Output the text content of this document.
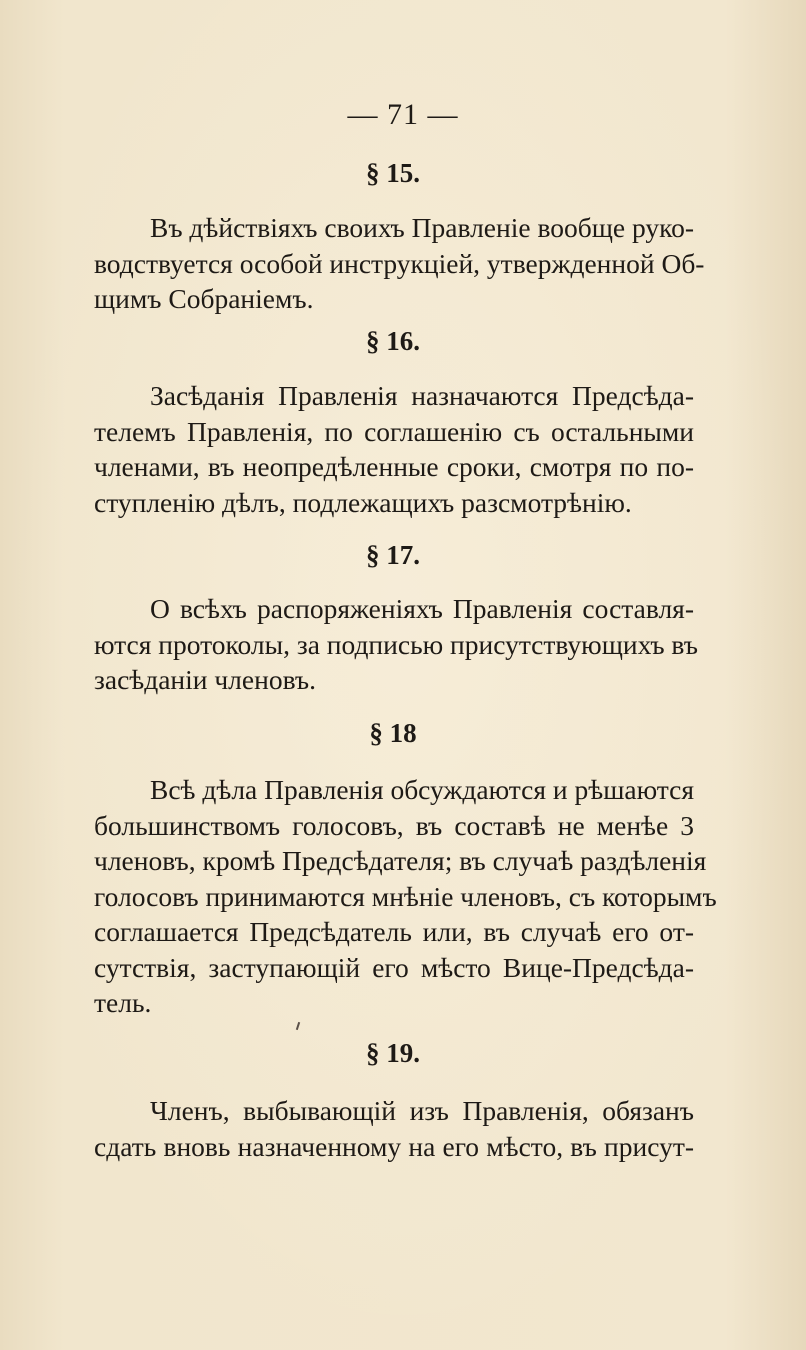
— 71 —
§ 15.
Въ дѣйствіяхъ своихъ Правленіе вообще руко-
водствуется особой инструкціей, утвержденной Об-
щимъ Собраніемъ.
§ 16.
Засѣданія Правленія назначаются Предсѣда-
телемъ Правленія, по соглашенію съ остальными
членами, въ неопредѣленные сроки, смотря по по-
ступленію дѣлъ, подлежащихъ разсмотрѣнію.
§ 17.
О всѣхъ распоряженіяхъ Правленія составля-
ются протоколы, за подписью присутствующихъ въ
засѣданіи членовъ.
§ 18
Всѣ дѣла Правленія обсуждаются и рѣшаются
большинствомъ голосовъ, въ составѣ не менѣе 3
членовъ, кромѣ Предсѣдателя; въ случаѣ раздѣленія
голосовъ принимаются мнѣніе членовъ, съ которымъ
соглашается Предсѣдатель или, въ случаѣ его от-
сутствія, заступающій его мѣсто Вице-Предсѣда-
тель.
§ 19.
Членъ, выбывающій изъ Правленія, обязанъ
сдать вновь назначенному на его мѣсто, въ присут-
